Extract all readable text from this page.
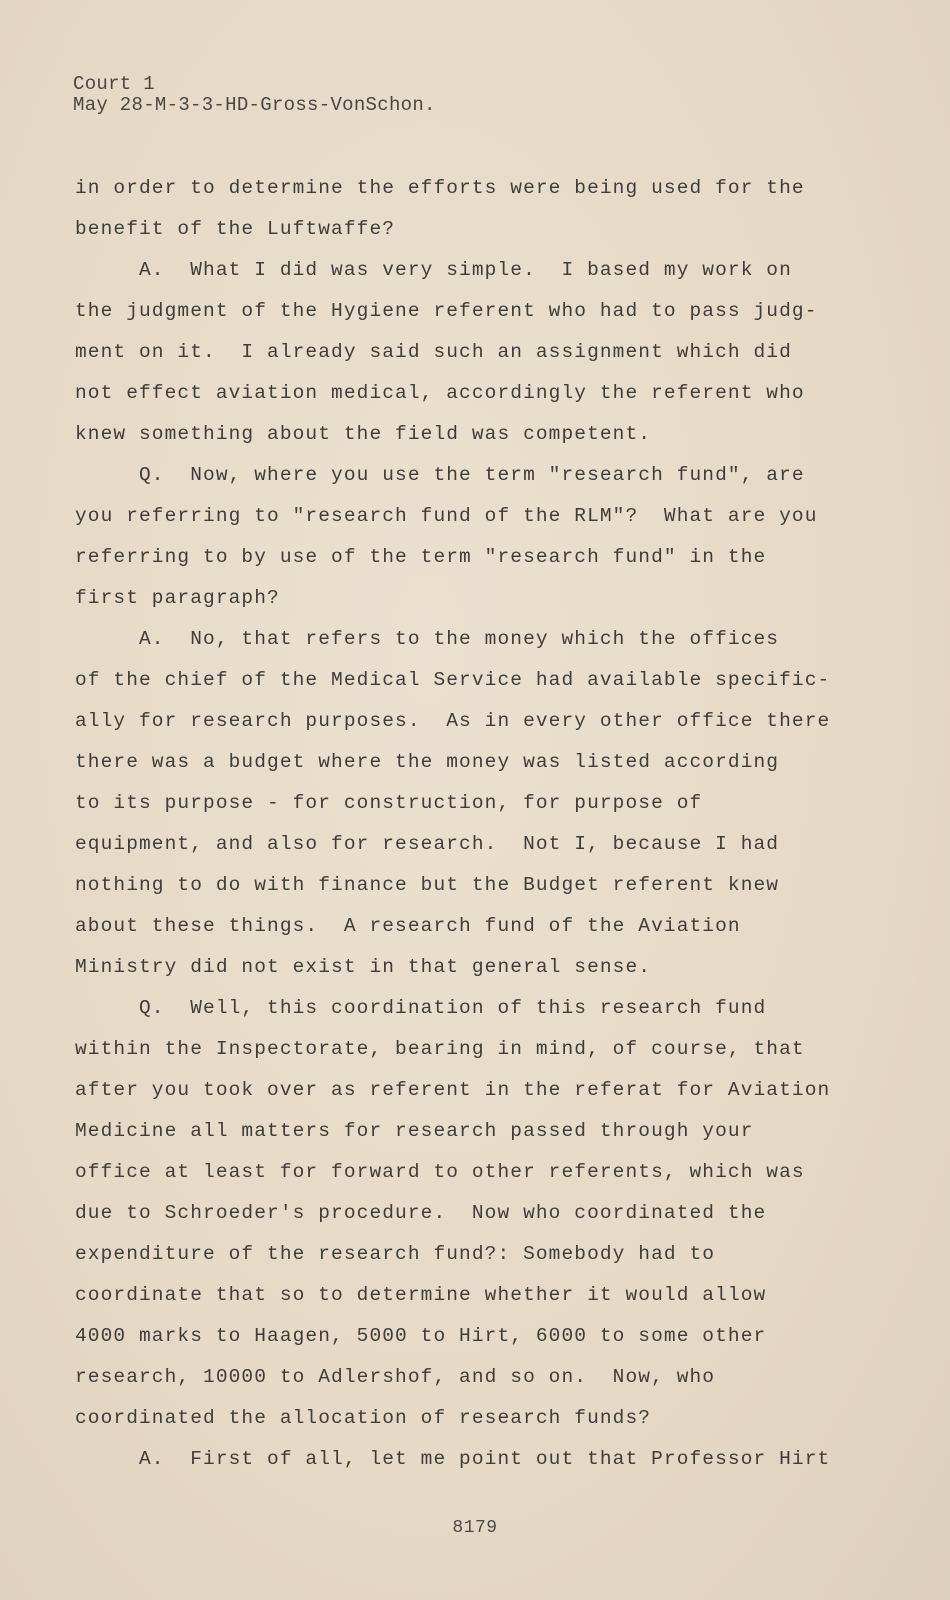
Court 1
May 28-M-3-3-HD-Gross-VonSchon.
in order to determine the efforts were being used for the
benefit of the Luftwaffe?
A.  What I did was very simple.  I based my work on
the judgment of the Hygiene referent who had to pass judg-
ment on it.  I already said such an assignment which did
not effect aviation medical, accordingly the referent who
knew something about the field was competent.
Q.  Now, where you use the term "research fund", are
you referring to "research fund of the RLM"?  What are you
referring to by use of the term "research fund" in the
first paragraph?
A.  No, that refers to the money which the offices
of the chief of the Medical Service had available specific-
ally for research purposes.  As in every other office there
there was a budget where the money was listed according
to its purpose - for construction, for purpose of
equipment, and also for research.  Not I, because I had
nothing to do with finance but the Budget referent knew
about these things.  A research fund of the Aviation
Ministry did not exist in that general sense.
Q.  Well, this coordination of this research fund
within the Inspectorate, bearing in mind, of course, that
after you took over as referent in the referat for Aviation
Medicine all matters for research passed through your
office at least for forward to other referents, which was
due to Schroeder's procedure.  Now who coordinated the
expenditure of the research fund?: Somebody had to
coordinate that so to determine whether it would allow
4000 marks to Haagen, 5000 to Hirt, 6000 to some other
research, 10000 to Adlershof, and so on.  Now, who
coordinated the allocation of research funds?
A.  First of all, let me point out that Professor Hirt
8179
